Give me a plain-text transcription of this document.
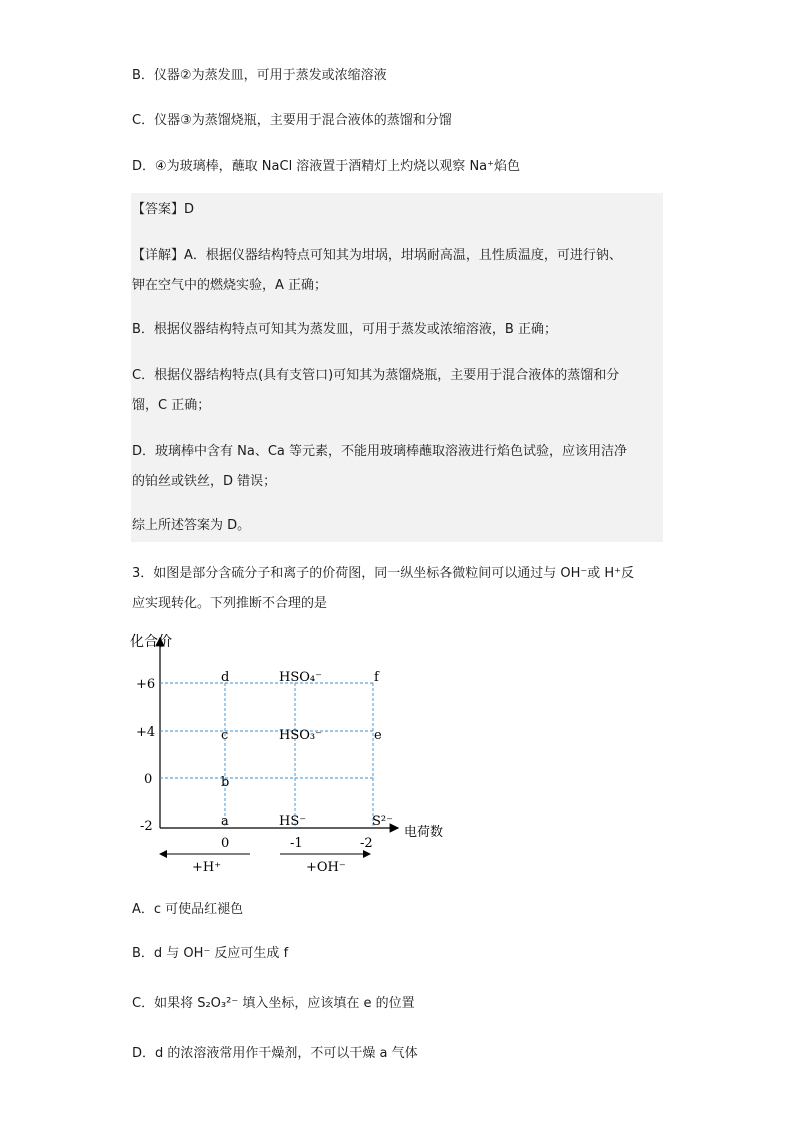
B．仪器②为蒸发皿，可用于蒸发或浓缩溶液
C．仪器③为蒸馏烧瓶，主要用于混合液体的蒸馏和分馏
D．④为玻璃棒，蘸取 NaCl 溶液置于酒精灯上灼烧以观察 Na⁺焰色
【答案】D
【详解】A．根据仪器结构特点可知其为坩埚，坩埚耐高温，且性质温度，可进行钠、
钾在空气中的燃烧实验，A 正确；
B．根据仪器结构特点可知其为蒸发皿，可用于蒸发或浓缩溶液，B 正确；
C．根据仪器结构特点(具有支管口)可知其为蒸馏烧瓶，主要用于混合液体的蒸馏和分
馏，C 正确；
D．玻璃棒中含有 Na、Ca 等元素，不能用玻璃棒蘸取溶液进行焰色试验，应该用洁净
的铂丝或铁丝，D 错误；
综上所述答案为 D。
3．如图是部分含硫分子和离子的价荷图，同一纵坐标各微粒间可以通过与 OH⁻或 H⁺反
应实现转化。下列推断不合理的是
化合价
电荷数
+6
+4
0
-2
0	-1	-2
d
c
b
a
HSO₄⁻
HSO₃⁻
HS⁻
f
e
S²⁻
+H⁺	+OH⁻
A．c 可使品红褪色
B．d 与 OH⁻ 反应可生成 f
C．如果将 S₂O₃²⁻ 填入坐标，应该填在 e 的位置
D．d 的浓溶液常用作干燥剂，不可以干燥 a 气体
